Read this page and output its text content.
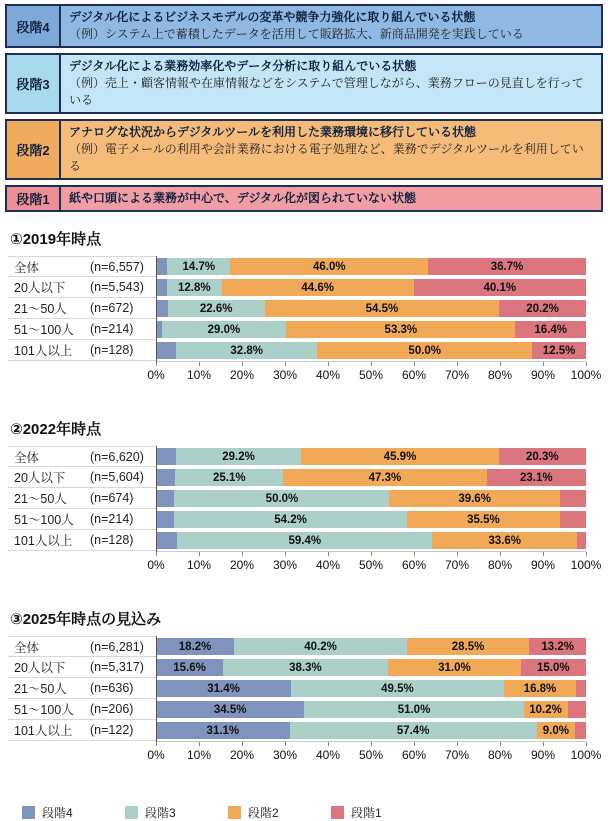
段階4
デジタル化によるビジネスモデルの変革や競争力強化に取り組んでいる状態
（例）システム上で蓄積したデータを活用して販路拡大、新商品開発を実践している
段階3
デジタル化による業務効率化やデータ分析に取り組んでいる状態
（例）売上・顧客情報や在庫情報などをシステムで管理しながら、業務フローの見直しを行っている
段階2
アナログな状況からデジタルツールを利用した業務環境に移行している状態
（例）電子メールの利用や会計業務における電子処理など、業務でデジタルツールを利用している
段階1	紙や口頭による業務が中心で、デジタル化が図られていない状態
①2019年時点
全体	(n=6,557)	14.7%	46.0%	36.7%
20人以下	(n=5,543)	12.8%	44.6%	40.1%
21～50人	(n=672)	22.6%	54.5%	20.2%
51～100人	(n=214)	29.0%	53.3%	16.4%
101人以上	(n=128)	32.8%	50.0%	12.5%
0% 10% 20% 30% 40% 50% 60% 70% 80% 90% 100%
②2022年時点
全体	(n=6,620)	29.2%	45.9%	20.3%
20人以下	(n=5,604)	25.1%	47.3%	23.1%
21～50人	(n=674)	50.0%	39.6%
51～100人	(n=214)	54.2%	35.5%
101人以上	(n=128)	59.4%	33.6%
0% 10% 20% 30% 40% 50% 60% 70% 80% 90% 100%
③2025年時点の見込み
全体	(n=6,281)	18.2%	40.2%	28.5%	13.2%
20人以下	(n=5,317)	15.6%	38.3%	31.0%	15.0%
21～50人	(n=636)	31.4%	49.5%	16.8%
51～100人	(n=206)	34.5%	51.0%	10.2%
101人以上	(n=122)	31.1%	57.4%	9.0%
0% 10% 20% 30% 40% 50% 60% 70% 80% 90% 100%
段階4	段階3	段階2	段階1
